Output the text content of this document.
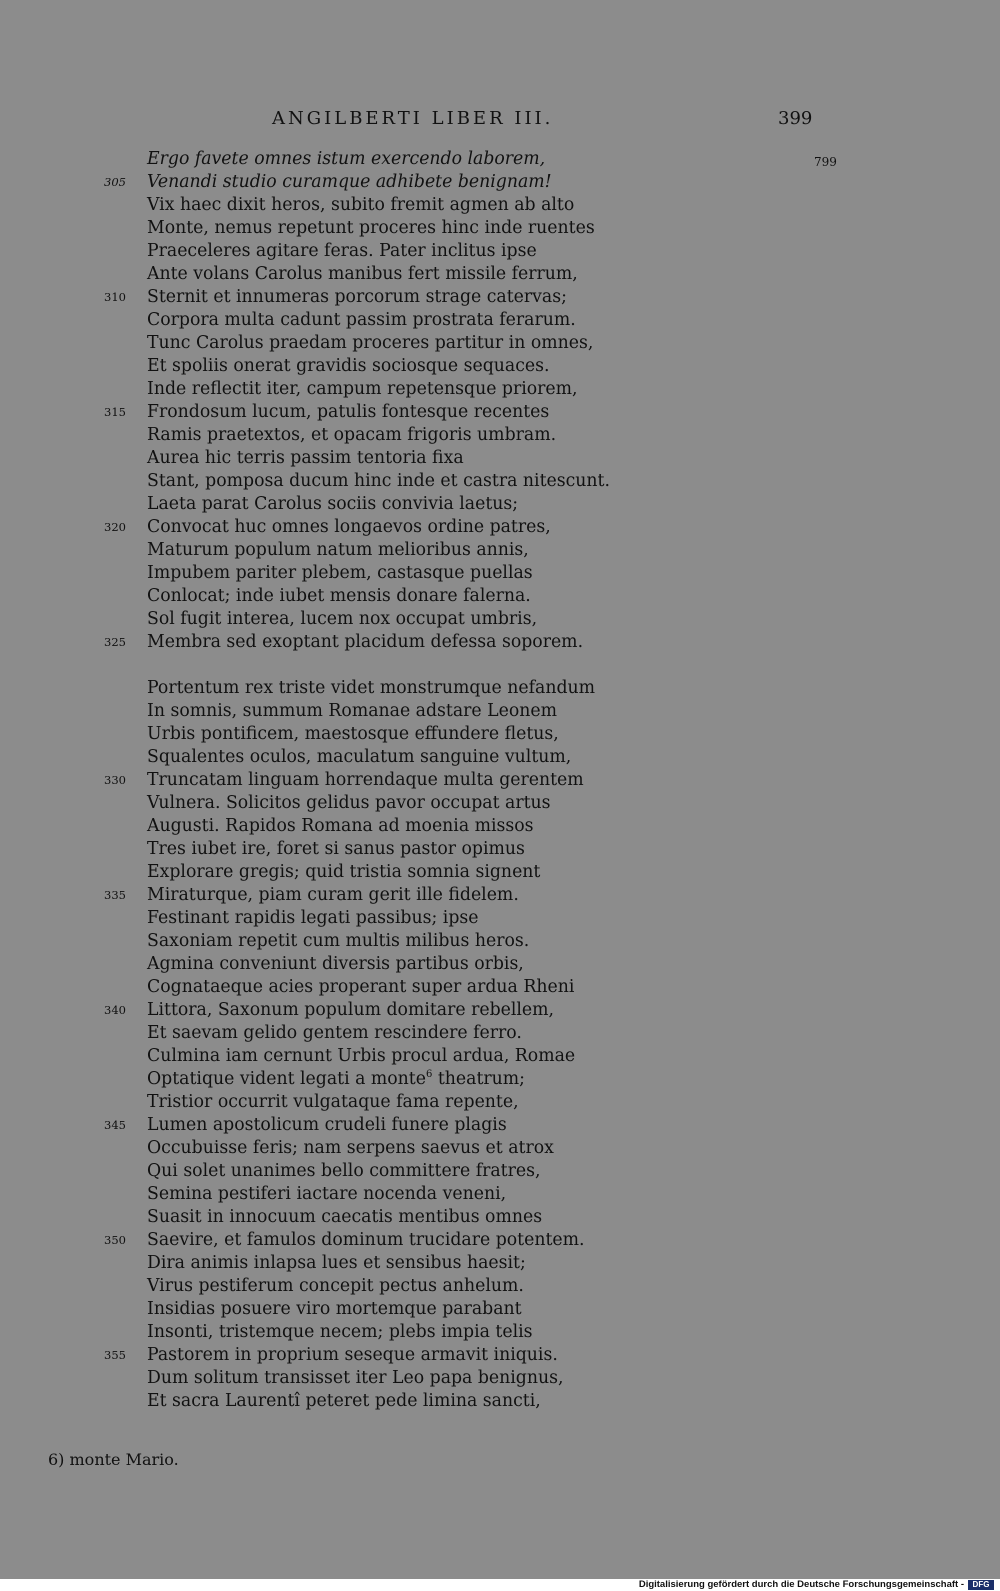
ANGILBERTI LIBER III.	399
799
Ergo favete omnes istum exercendo laborem,
305	Venandi studio curamque adhibete benignam!
Vix haec dixit heros, subito fremit agmen ab alto
Monte, nemus repetunt proceres hinc inde ruentes
Praeceleres agitare feras. Pater inclitus ipse
Ante volans Carolus manibus fert missile ferrum,
310	Sternit et innumeras porcorum strage catervas;
Corpora multa cadunt passim prostrata ferarum.
Tunc Carolus praedam proceres partitur in omnes,
Et spoliis onerat gravidis sociosque sequaces.
Inde reflectit iter, campum repetensque priorem,
315	Frondosum lucum, patulis fontesque recentes
Ramis praetextos, et opacam frigoris umbram.
Aurea hic terris passim tentoria fixa
Stant, pomposa ducum hinc inde et castra nitescunt.
Laeta parat Carolus sociis convivia laetus;
320	Convocat huc omnes longaevos ordine patres,
Maturum populum natum melioribus annis,
Impubem pariter plebem, castasque puellas
Conlocat; inde iubet mensis donare falerna.
Sol fugit interea, lucem nox occupat umbris,
325	Membra sed exoptant placidum defessa soporem.
Portentum rex triste videt monstrumque nefandum
In somnis, summum Romanae adstare Leonem
Urbis pontificem, maestosque effundere fletus,
Squalentes oculos, maculatum sanguine vultum,
330	Truncatam linguam horrendaque multa gerentem
Vulnera. Solicitos gelidus pavor occupat artus
Augusti. Rapidos Romana ad moenia missos
Tres iubet ire, foret si sanus pastor opimus
Explorare gregis; quid tristia somnia signent
335	Miraturque, piam curam gerit ille fidelem.
Festinant rapidis legati passibus; ipse
Saxoniam repetit cum multis milibus heros.
Agmina conveniunt diversis partibus orbis,
Cognataeque acies properant super ardua Rheni
340	Littora, Saxonum populum domitare rebellem,
Et saevam gelido gentem rescindere ferro.
Culmina iam cernunt Urbis procul ardua, Romae
Optatique vident legati a monte$^6$ theatrum;
Tristior occurrit vulgataque fama repente,
345	Lumen apostolicum crudeli funere plagis
Occubuisse feris; nam serpens saevus et atrox
Qui solet unanimes bello committere fratres,
Semina pestiferi iactare nocenda veneni,
Suasit in innocuum caecatis mentibus omnes
350	Saevire, et famulos dominum trucidare potentem.
Dira animis inlapsa lues et sensibus haesit;
Virus pestiferum concepit pectus anhelum.
Insidias posuere viro mortemque parabant
Insonti, tristemque necem; plebs impia telis
355	Pastorem in proprium seseque armavit iniquis.
Dum solitum transisset iter Leo papa benignus,
Et sacra Laurentî peteret pede limina sancti,
6) monte Mario.
Digitalisierung gefördert durch die Deutsche Forschungsgemeinschaft -	DFG
